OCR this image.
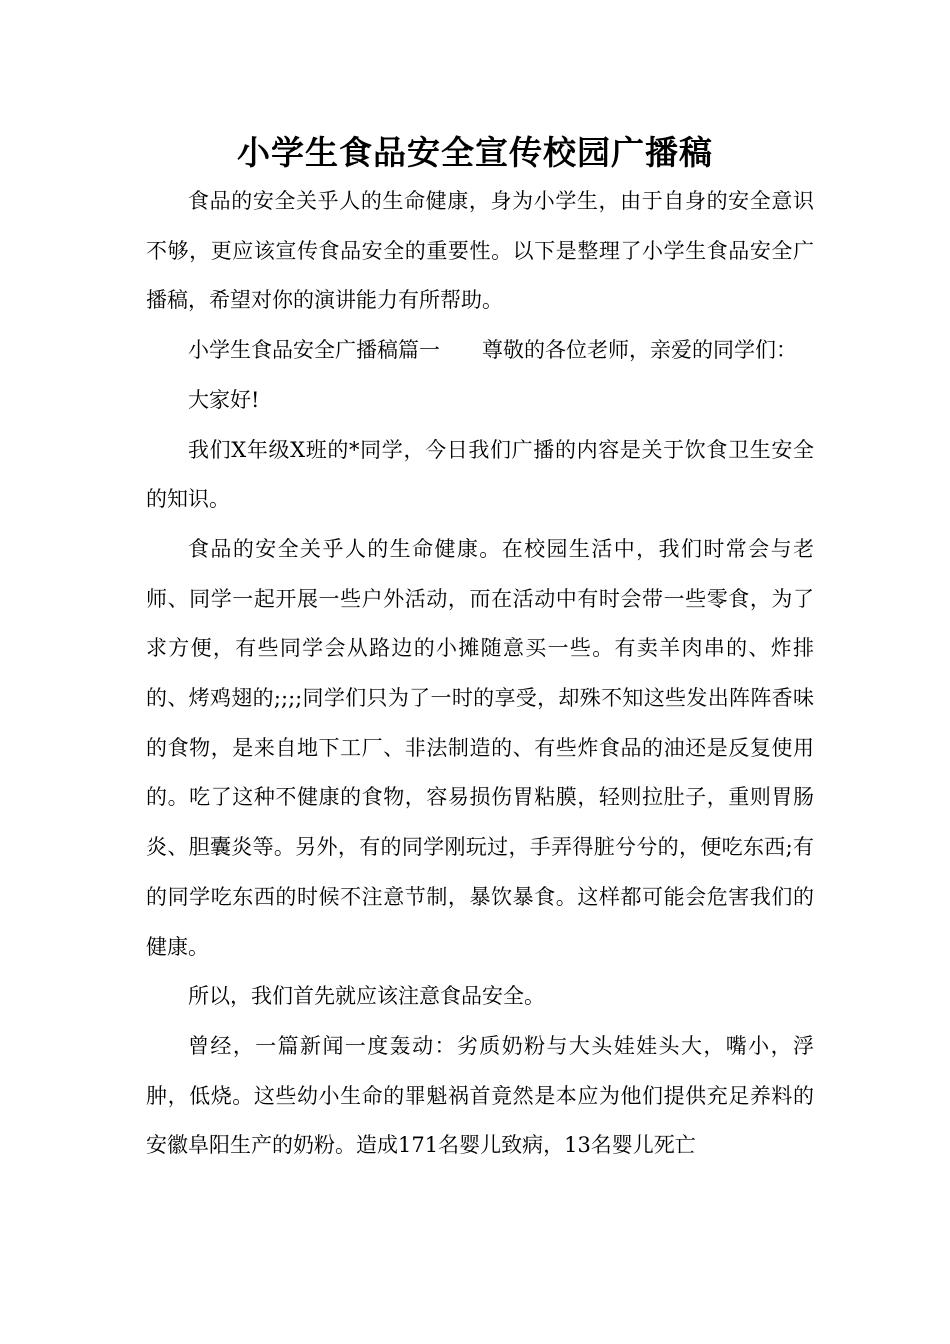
小学生食品安全宣传校园广播稿

食品的安全关乎人的生命健康，身为小学生，由于自身的安全意识不够，更应该宣传食品安全的重要性。以下是整理了小学生食品安全广播稿，希望对你的演讲能力有所帮助。

小学生食品安全广播稿篇一　　尊敬的各位老师，亲爱的同学们：

大家好!

我们X年级X班的*同学，今日我们广播的内容是关于饮食卫生安全的知识。

食品的安全关乎人的生命健康。在校园生活中，我们时常会与老师、同学一起开展一些户外活动，而在活动中有时会带一些零食，为了求方便，有些同学会从路边的小摊随意买一些。有卖羊肉串的、炸排的、烤鸡翅的;;;;同学们只为了一时的享受，却殊不知这些发出阵阵香味的食物，是来自地下工厂、非法制造的、有些炸食品的油还是反复使用的。吃了这种不健康的食物，容易损伤胃粘膜，轻则拉肚子，重则胃肠炎、胆囊炎等。另外，有的同学刚玩过，手弄得脏兮兮的，便吃东西;有的同学吃东西的时候不注意节制，暴饮暴食。这样都可能会危害我们的健康。

所以，我们首先就应该注意食品安全。

曾经，一篇新闻一度轰动：劣质奶粉与大头娃娃头大，嘴小，浮肿，低烧。这些幼小生命的罪魁祸首竟然是本应为他们提供充足养料的安徽阜阳生产的奶粉。造成171名婴儿致病，13名婴儿死亡
